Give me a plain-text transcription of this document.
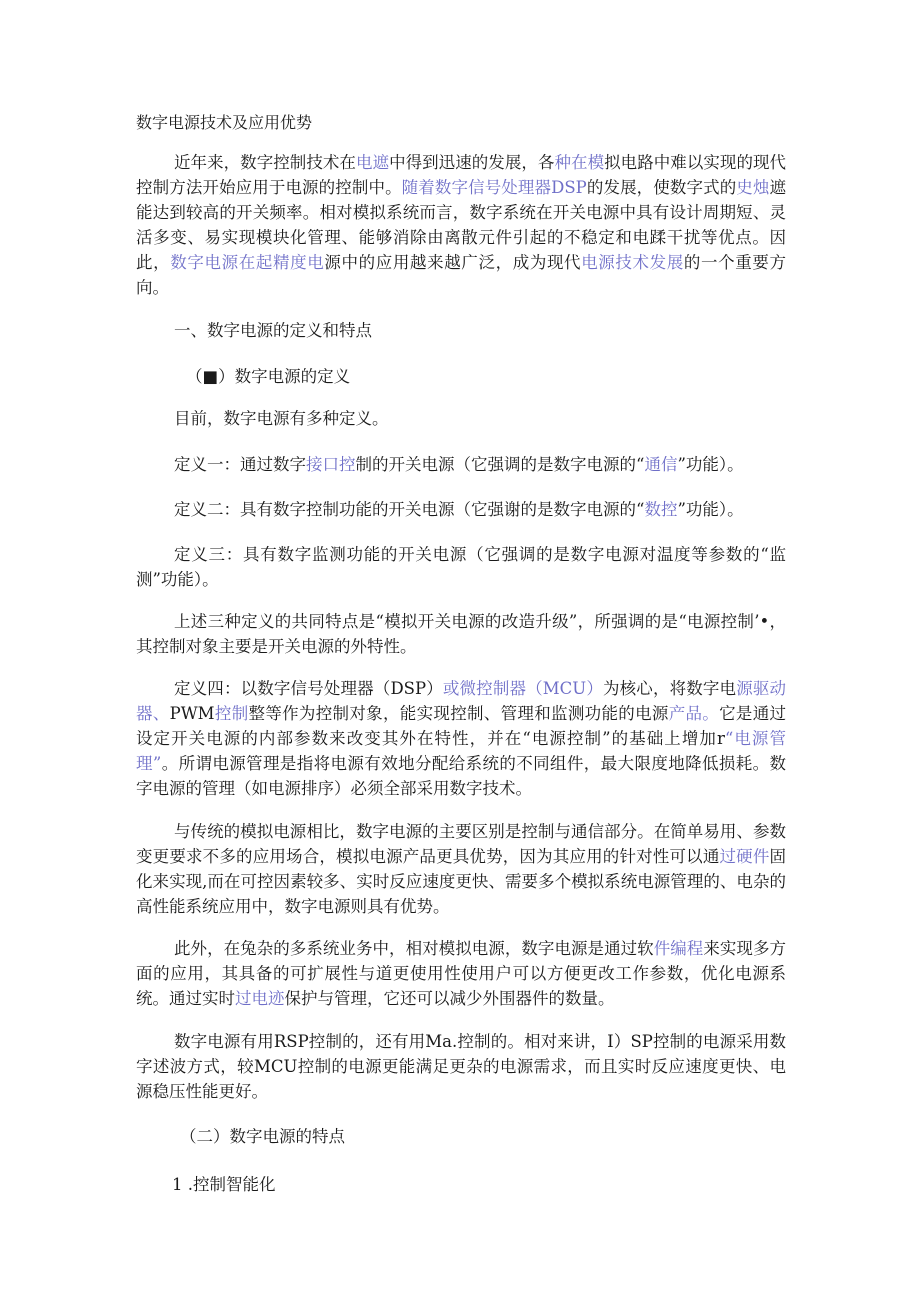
数字电源技术及应用优势

近年来，数字控制技术在电遮中得到迅速的发展，各种在模拟电路中难以实现的现代控制方法开始应用于电源的控制中。随着数字信号处理器DSP的发展，使数字式的史烛遮能达到较高的开关频率。相对模拟系统而言，数字系统在开关电源中具有设计周期短、灵活多变、易实现模块化管理、能够消除由离散元件引起的不稳定和电蹂干扰等优点。因此，数字电源在起精度电源中的应用越来越广泛，成为现代电源技术发展的一个重要方向。

一、数字电源的定义和特点
（■）数字电源的定义

目前，数字电源有多种定义。

定义一：通过数字接口控制的开关电源（它强调的是数字电源的“通信”功能）。

定义二：具有数字控制功能的开关电源（它强谢的是数字电源的“数控”功能）。

定义三：具有数字监测功能的开关电源（它强调的是数字电源对温度等参数的“监测”功能）。

上述三种定义的共同特点是“模拟开关电源的改造升级”，所强调的是“电源控制’•，其控制对象主要是开关电源的外特性。

定义四：以数字信号处理器（DSP）或微控制器（MCU）为核心，将数字电源驱动器、PWM控制整等作为控制对象，能实现控制、管理和监测功能的电源产品。它是通过设定开关电源的内部参数来改变其外在特性，并在“电源控制”的基础上增加r“电源管理”。所谓电源管理是指将电源有效地分配给系统的不同组件，最大限度地降低损耗。数字电源的管理（如电源排序）必须全部采用数字技术。

与传统的模拟电源相比，数字电源的主要区别是控制与通信部分。在简单易用、参数变更要求不多的应用场合，模拟电源产品更具优势，因为其应用的针对性可以通过硬件固化来实现,而在可控因素较多、实时反应速度更快、需要多个模拟系统电源管理的、电杂的高性能系统应用中，数字电源则具有优势。

此外，在兔杂的多系统业务中，相对模拟电源，数字电源是通过软件编程来实现多方面的应用，其具备的可扩展性与道更使用性使用户可以方便更改工作参数，优化电源系统。通过实时过电迹保护与管理，它还可以减少外围器件的数量。

数字电源有用RSP控制的，还有用Ma.控制的。相对来讲，I）SP控制的电源采用数字述波方式，较MCU控制的电源更能满足更杂的电源需求，而且实时反应速度更快、电源稳压性能更好。

（二）数字电源的特点
1 .控制智能化
